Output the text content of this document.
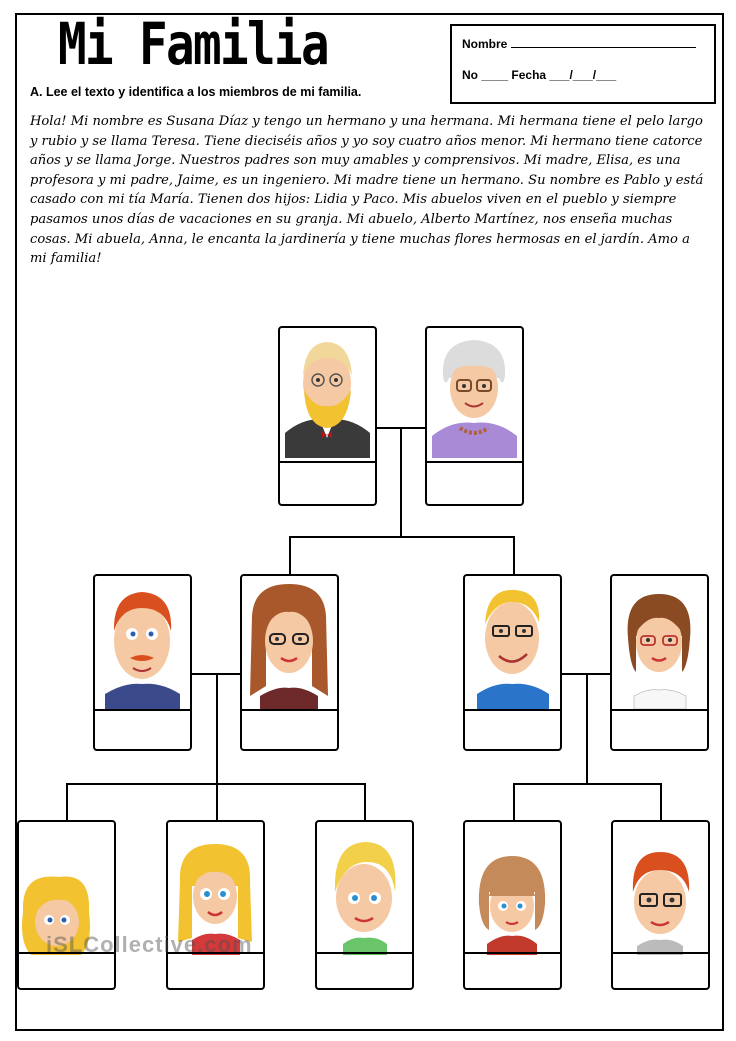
Mi Familia	Nombre
No ____ Fecha ___/___/___
A. Lee el texto y identifica a los miembros de mi familia.
Hola! Mi nombre es Susana Díaz y tengo un hermano y una hermana. Mi hermana tiene el pelo largo y rubio y se llama Teresa. Tiene dieciséis años y yo soy cuatro años menor. Mi hermano tiene catorce años y se llama Jorge. Nuestros padres son muy amables y comprensivos. Mi madre, Elisa, es una profesora y mi padre, Jaime, es un ingeniero. Mi madre tiene un hermano. Su nombre es Pablo y está casado con mi tía María. Tienen dos hijos: Lidia y Paco. Mis abuelos viven en el pueblo y siempre pasamos unos días de vacaciones en su granja. Mi abuelo, Alberto Martínez, nos enseña muchas cosas. Mi abuela, Anna, le encanta la jardinería y tiene muchas flores hermosas en el jardín. Amo a mi familia!
iSLCollective.com
